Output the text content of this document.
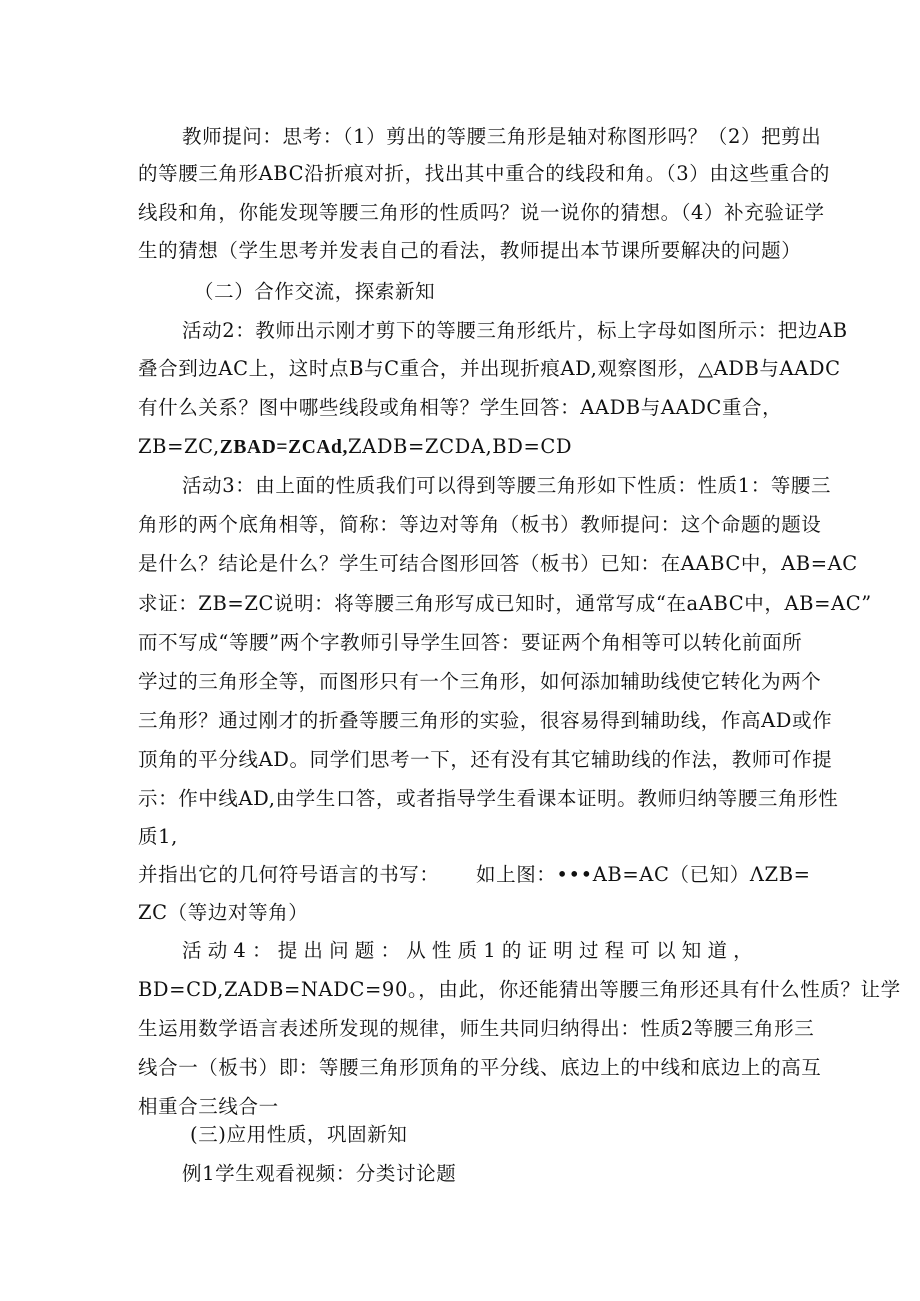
教师提问：思考：（1）剪出的等腰三角形是轴对称图形吗？（2）把剪出
的等腰三角形ABC沿折痕对折，找出其中重合的线段和角。（3）由这些重合的
线段和角，你能发现等腰三角形的性质吗？说一说你的猜想。（4）补充验证学
生的猜想（学生思考并发表自己的看法，教师提出本节课所要解决的问题）
（二）合作交流，探索新知
活动2：教师出示刚才剪下的等腰三角形纸片，标上字母如图所示：把边AB
叠合到边AC上，这时点B与C重合，并出现折痕AD,观察图形，△ADB与AADC
有什么关系？图中哪些线段或角相等？学生回答：AADB与AADC重合，
ZB=ZC,ZBAD=ZCAd,ZADB=ZCDA,BD=CD
活动3：由上面的性质我们可以得到等腰三角形如下性质：性质1：等腰三
角形的两个底角相等，简称：等边对等角（板书）教师提问：这个命题的题设
是什么？结论是什么？学生可结合图形回答（板书）已知：在AABC中，AB=AC
求证：ZB=ZC说明：将等腰三角形写成已知时，通常写成“在aABC中，AB=AC”
而不写成“等腰”两个字教师引导学生回答：要证两个角相等可以转化前面所
学过的三角形全等，而图形只有一个三角形，如何添加辅助线使它转化为两个
三角形？通过刚才的折叠等腰三角形的实验，很容易得到辅助线，作高AD或作
顶角的平分线AD。同学们思考一下，还有没有其它辅助线的作法，教师可作提
示：作中线AD,由学生口答，或者指导学生看课本证明。教师归纳等腰三角形性
质1,
并指出它的几何符号语言的书写： 如上图：•••AB=AC（已知）ΛZB=
ZC（等边对等角）
活 动 4 ： 提 出 问 题 ： 从 性 质 1 的 证 明 过 程 可 以 知 道 ，
BD=CD,ZADB=NADC=90。，由此，你还能猜出等腰三角形还具有什么性质？让学
生运用数学语言表述所发现的规律，师生共同归纳得出：性质2等腰三角形三
线合一（板书）即：等腰三角形顶角的平分线、底边上的中线和底边上的高互
相重合三线合一
(三)应用性质，巩固新知
例1学生观看视频：分类讨论题
